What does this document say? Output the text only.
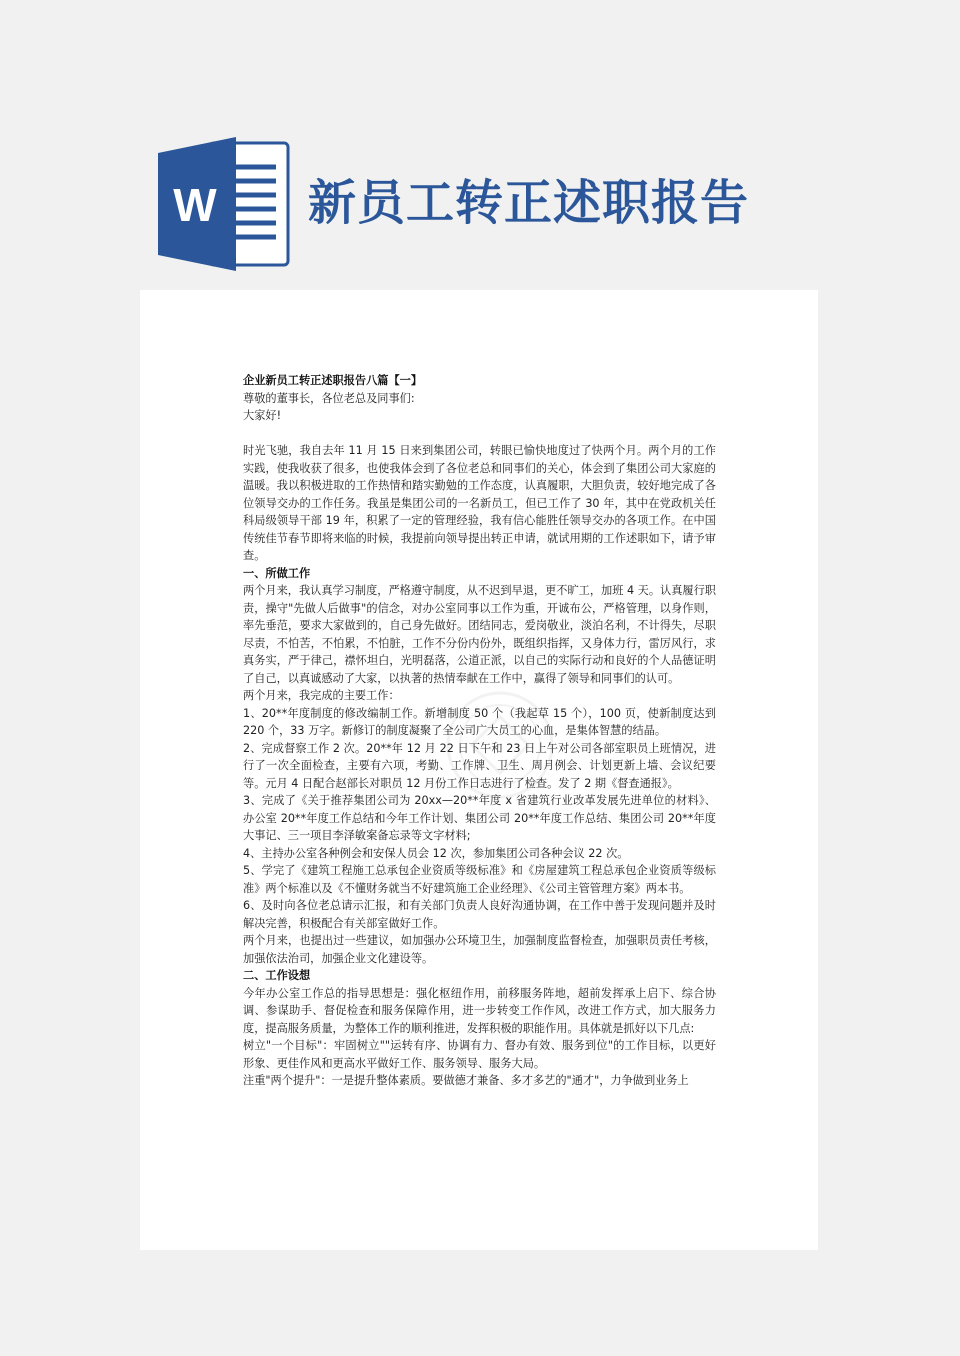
W 新员工转正述职报告

企业新员工转正述职报告八篇【一】

尊敬的董事长，各位老总及同事们:

大家好!

时光飞驰，我自去年 11 月 15 日来到集团公司，转眼已愉快地度过了快两个月。两个月的工作实践，使我收获了很多，也使我体会到了各位老总和同事们的关心，体会到了集团公司大家庭的温暖。我以积极进取的工作热情和踏实勤勉的工作态度，认真履职，大胆负责，较好地完成了各位领导交办的工作任务。我虽是集团公司的一名新员工，但已工作了 30 年，其中在党政机关任科局级领导干部 19 年，积累了一定的管理经验，我有信心能胜任领导交办的各项工作。在中国传统佳节春节即将来临的时候，我提前向领导提出转正申请，就试用期的工作述职如下，请予审查。

一、所做工作

两个月来，我认真学习制度，严格遵守制度，从不迟到早退，更不旷工，加班 4 天。认真履行职责，操守"先做人后做事"的信念，对办公室同事以工作为重，开诚布公，严格管理，以身作则，率先垂范，要求大家做到的，自己身先做好。团结同志，爱岗敬业，淡泊名利，不计得失，尽职尽责，不怕苦，不怕累，不怕脏，工作不分份内份外，既组织指挥，又身体力行，雷厉风行，求真务实，严于律己，襟怀坦白，光明磊落，公道正派，以自己的实际行动和良好的个人品德证明了自己，以真诚感动了大家，以执著的热情奉献在工作中，赢得了领导和同事们的认可。

两个月来，我完成的主要工作：

1、20**年度制度的修改编制工作。新增制度 50 个（我起草 15 个），100 页，使新制度达到 220 个，33 万字。新修订的制度凝聚了全公司广大员工的心血，是集体智慧的结晶。

2、完成督察工作 2 次。20**年 12 月 22 日下午和 23 日上午对公司各部室职员上班情况，进行了一次全面检查，主要有六项，考勤、工作牌、卫生、周月例会、计划更新上墙、会议纪要等。元月 4 日配合赵部长对职员 12 月份工作日志进行了检查。发了 2 期《督查通报》。

3、完成了《关于推荐集团公司为 20xx—20**年度 x 省建筑行业改革发展先进单位的材料》、办公室 20**年度工作总结和今年工作计划、集团公司 20**年度工作总结、集团公司 20**年度大事记、三一项目李泽敏案备忘录等文字材料;

4、主持办公室各种例会和安保人员会 12 次，参加集团公司各种会议 22 次。

5、学完了《建筑工程施工总承包企业资质等级标准》和《房屋建筑工程总承包企业资质等级标准》两个标准以及《不懂财务就当不好建筑施工企业经理》、《公司主管管理方案》两本书。

6、及时向各位老总请示汇报，和有关部门负责人良好沟通协调，在工作中善于发现问题并及时解决完善，积极配合有关部室做好工作。

两个月来，也提出过一些建议，如加强办公环境卫生，加强制度监督检查，加强职员责任考核，加强依法治司，加强企业文化建设等。

二、工作设想

今年办公室工作总的指导思想是：强化枢纽作用，前移服务阵地，超前发挥承上启下、综合协调、参谋助手、督促检查和服务保障作用，进一步转变工作作风，改进工作方式，加大服务力度，提高服务质量，为整体工作的顺利推进，发挥积极的职能作用。具体就是抓好以下几点:

树立"一个目标"：牢固树立""运转有序、协调有力、督办有效、服务到位"的工作目标，以更好形象、更佳作风和更高水平做好工作、服务领导、服务大局。

注重"两个提升"：一是提升整体素质。要做德才兼备、多才多艺的"通才"，力争做到业务上
